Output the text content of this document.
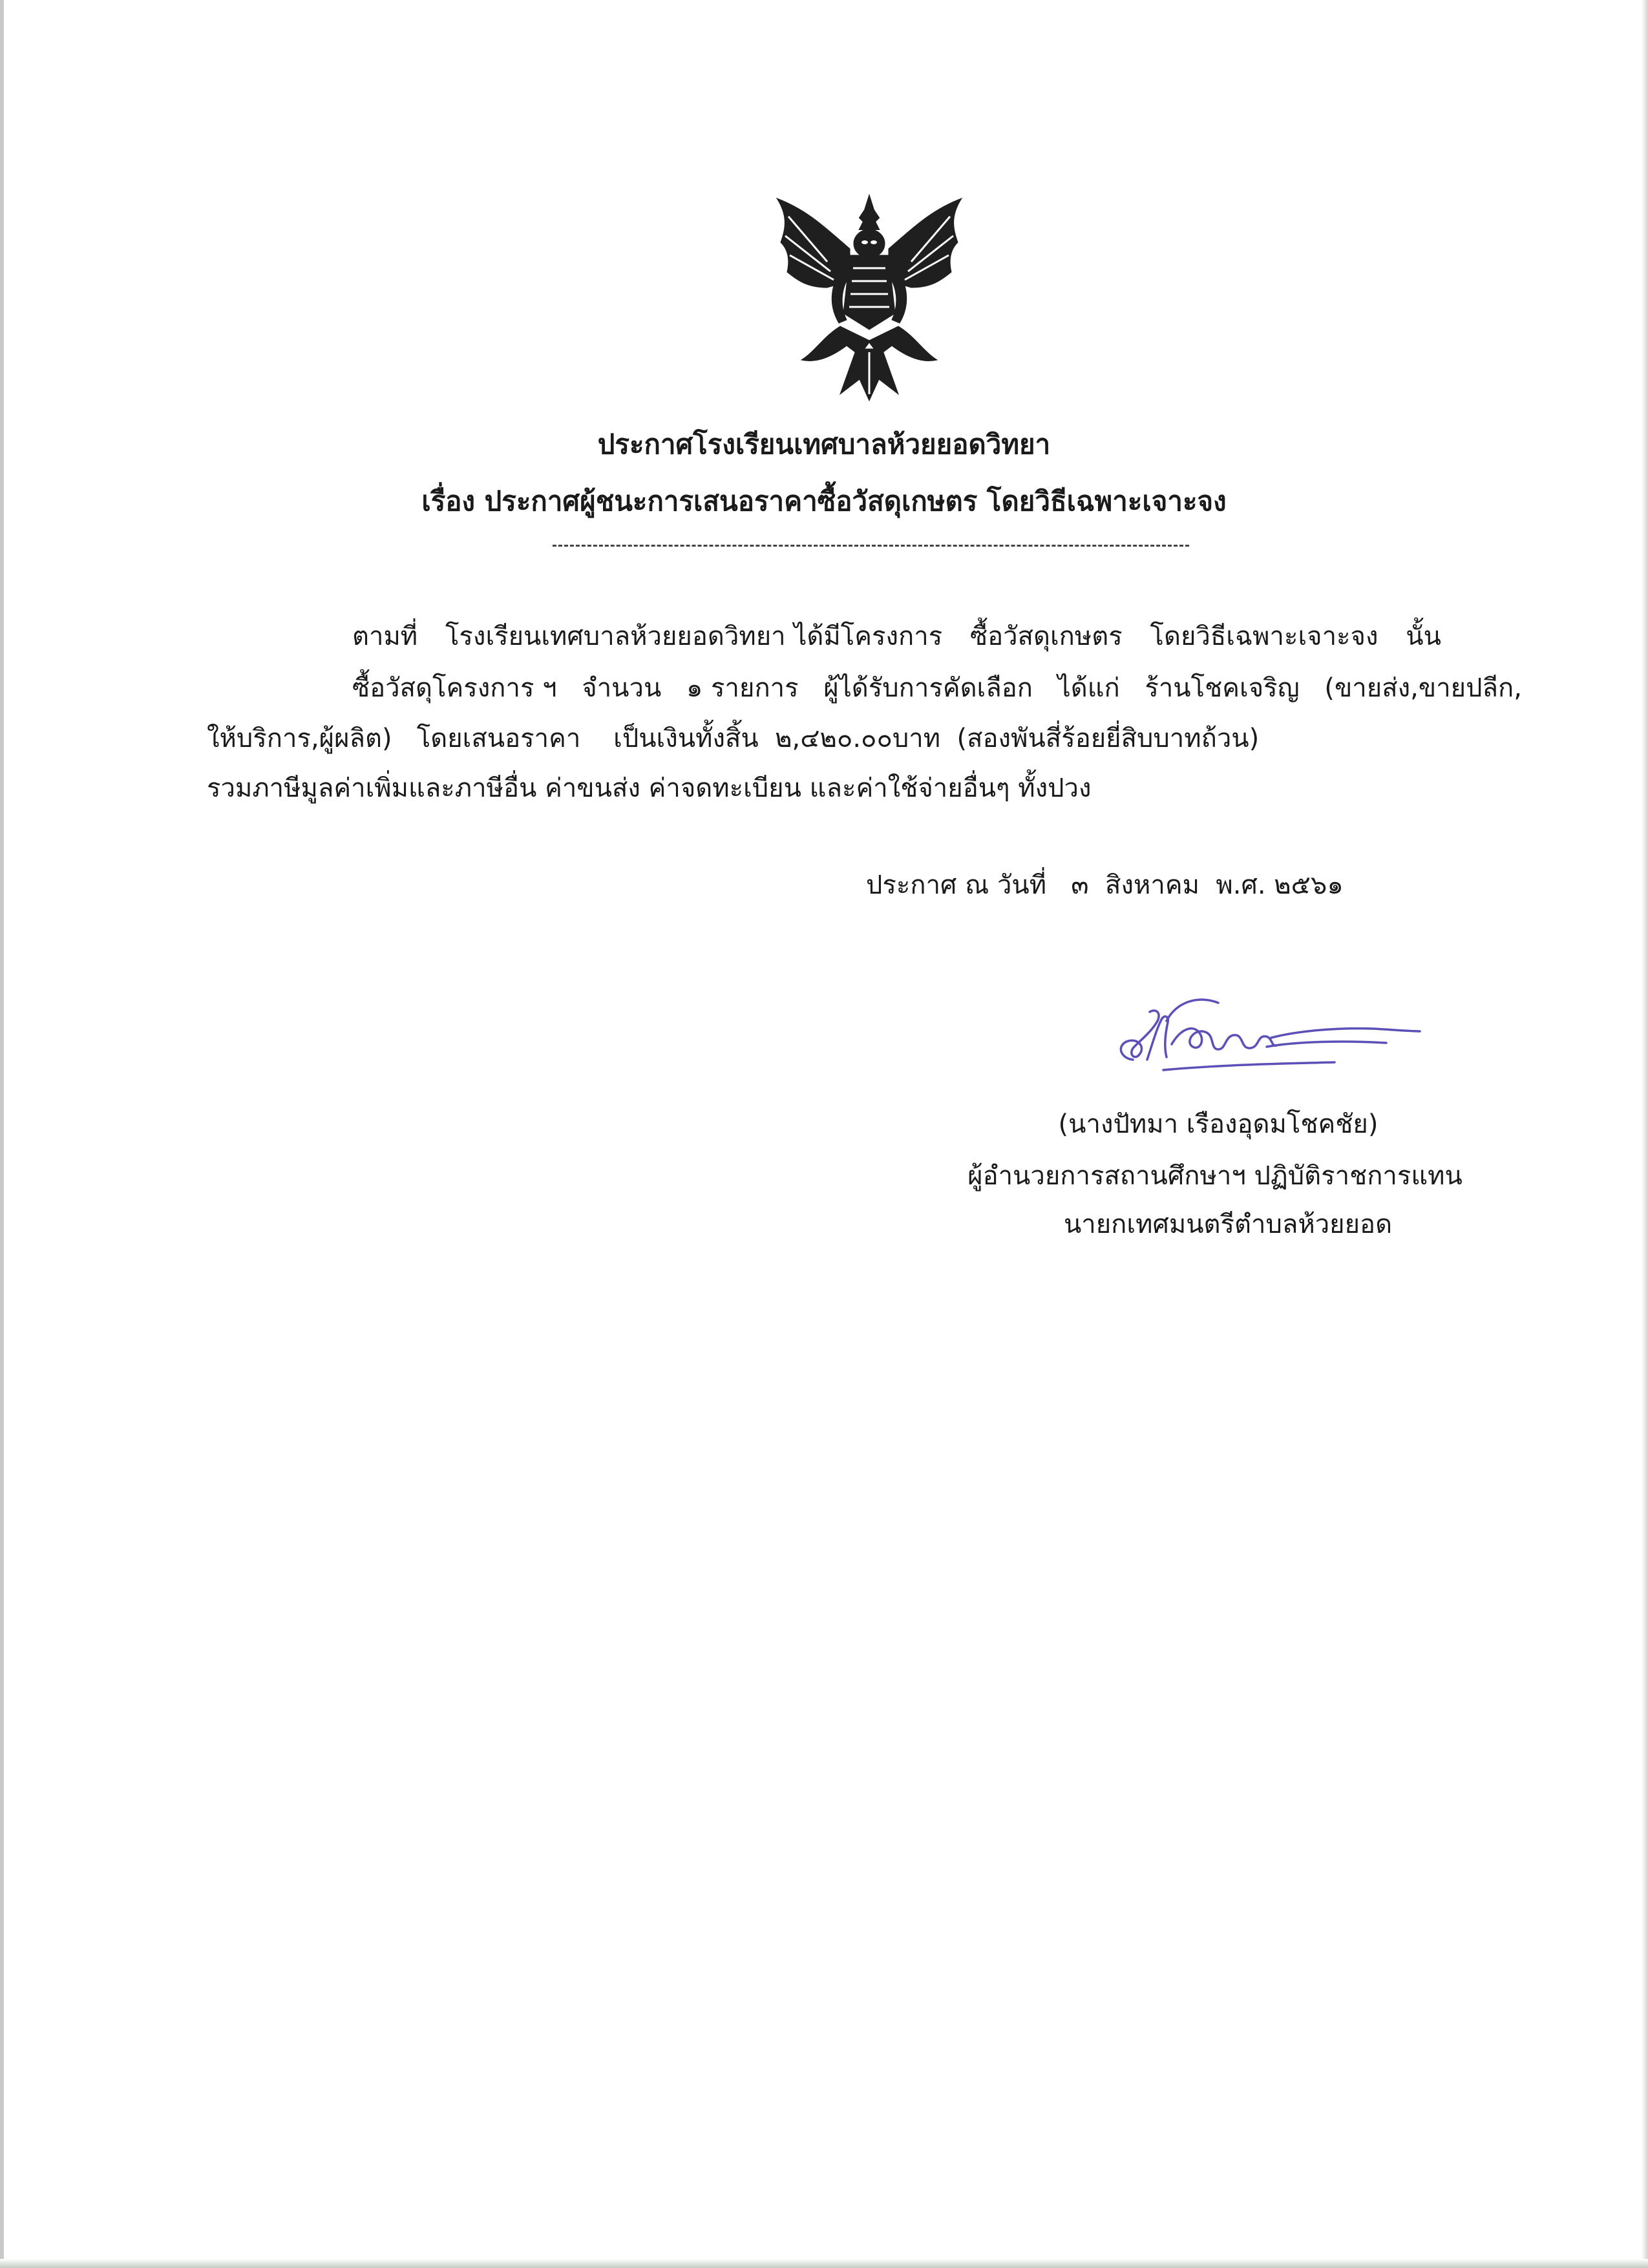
ประกาศโรงเรียนเทศบาลห้วยยอดวิทยา
เรื่อง ประกาศผู้ชนะการเสนอราคาซื้อวัสดุเกษตร โดยวิธีเฉพาะเจาะจง
ตามที่ โรงเรียนเทศบาลห้วยยอดวิทยา ได้มีโครงการ ซื้อวัสดุเกษตร โดยวิธีเฉพาะเจาะจง นั้น
ซื้อวัสดุโครงการ ฯ จำนวน ๑ รายการ ผู้ได้รับการคัดเลือก ได้แก่ ร้านโชคเจริญ (ขายส่ง,ขายปลีก,
ให้บริการ,ผู้ผลิต)   โดยเสนอราคา    เป็นเงินทั้งสิ้น  ๒,๔๒๐.๐๐บาท  (สองพันสี่ร้อยยี่สิบบาทถ้วน)
รวมภาษีมูลค่าเพิ่มและภาษีอื่น ค่าขนส่ง ค่าจดทะเบียน และค่าใช้จ่ายอื่นๆ ทั้งปวง
ประกาศ ณ วันที่   ๓  สิงหาคม  พ.ศ. ๒๕๖๑
(นางปัทมา เรืองอุดมโชคชัย)
ผู้อำนวยการสถานศึกษาฯ ปฏิบัติราชการแทน
นายกเทศมนตรีตำบลห้วยยอด
